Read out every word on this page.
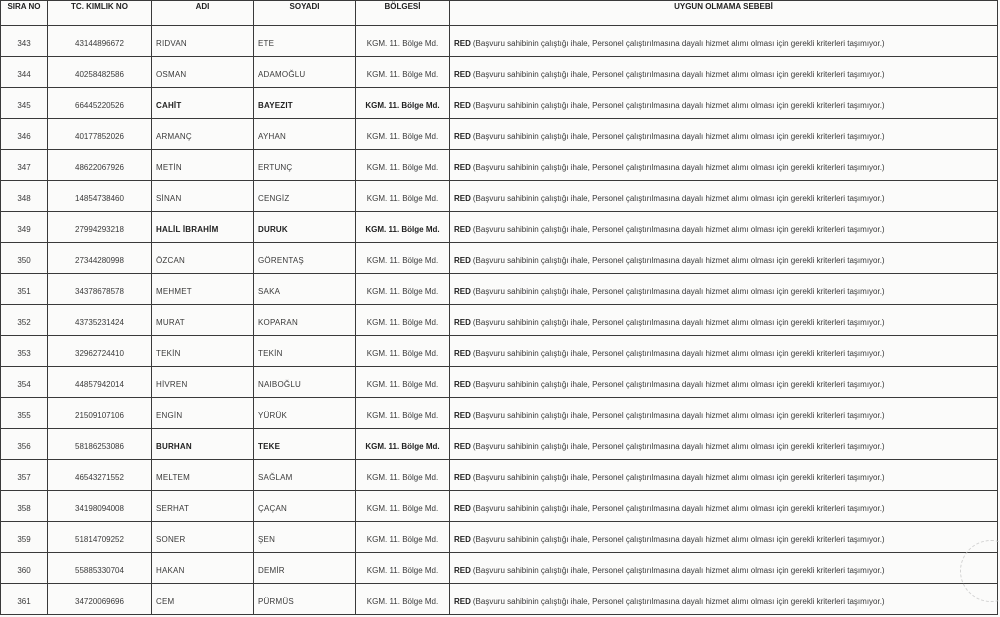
SIRA NO	TC. KIMLIK NO	ADI	SOYADI	BÖLGESİ	UYGUN OLMAMA SEBEBİ
343	43144896672	RIDVAN	ETE	KGM. 11. Bölge Md.	RED (Başvuru sahibinin çalıştığı ihale, Personel çalıştırılmasına dayalı hizmet alımı olması için gerekli kriterleri taşımıyor.)
344	40258482586	OSMAN	ADAMOĞLU	KGM. 11. Bölge Md.	RED (Başvuru sahibinin çalıştığı ihale, Personel çalıştırılmasına dayalı hizmet alımı olması için gerekli kriterleri taşımıyor.)
345	66445220526	CAHİT	BAYEZIT	KGM. 11. Bölge Md.	RED (Başvuru sahibinin çalıştığı ihale, Personel çalıştırılmasına dayalı hizmet alımı olması için gerekli kriterleri taşımıyor.)
346	40177852026	ARMANÇ	AYHAN	KGM. 11. Bölge Md.	RED (Başvuru sahibinin çalıştığı ihale, Personel çalıştırılmasına dayalı hizmet alımı olması için gerekli kriterleri taşımıyor.)
347	48622067926	METİN	ERTUNÇ	KGM. 11. Bölge Md.	RED (Başvuru sahibinin çalıştığı ihale, Personel çalıştırılmasına dayalı hizmet alımı olması için gerekli kriterleri taşımıyor.)
348	14854738460	SİNAN	CENGİZ	KGM. 11. Bölge Md.	RED (Başvuru sahibinin çalıştığı ihale, Personel çalıştırılmasına dayalı hizmet alımı olması için gerekli kriterleri taşımıyor.)
349	27994293218	HALİL İBRAHİM	DURUK	KGM. 11. Bölge Md.	RED (Başvuru sahibinin çalıştığı ihale, Personel çalıştırılmasına dayalı hizmet alımı olması için gerekli kriterleri taşımıyor.)
350	27344280998	ÖZCAN	GÖRENTAŞ	KGM. 11. Bölge Md.	RED (Başvuru sahibinin çalıştığı ihale, Personel çalıştırılmasına dayalı hizmet alımı olması için gerekli kriterleri taşımıyor.)
351	34378678578	MEHMET	SAKA	KGM. 11. Bölge Md.	RED (Başvuru sahibinin çalıştığı ihale, Personel çalıştırılmasına dayalı hizmet alımı olması için gerekli kriterleri taşımıyor.)
352	43735231424	MURAT	KOPARAN	KGM. 11. Bölge Md.	RED (Başvuru sahibinin çalıştığı ihale, Personel çalıştırılmasına dayalı hizmet alımı olması için gerekli kriterleri taşımıyor.)
353	32962724410	TEKİN	TEKİN	KGM. 11. Bölge Md.	RED (Başvuru sahibinin çalıştığı ihale, Personel çalıştırılmasına dayalı hizmet alımı olması için gerekli kriterleri taşımıyor.)
354	44857942014	HİVREN	NAIBOĞLU	KGM. 11. Bölge Md.	RED (Başvuru sahibinin çalıştığı ihale, Personel çalıştırılmasına dayalı hizmet alımı olması için gerekli kriterleri taşımıyor.)
355	21509107106	ENGİN	YÜRÜK	KGM. 11. Bölge Md.	RED (Başvuru sahibinin çalıştığı ihale, Personel çalıştırılmasına dayalı hizmet alımı olması için gerekli kriterleri taşımıyor.)
356	58186253086	BURHAN	TEKE	KGM. 11. Bölge Md.	RED (Başvuru sahibinin çalıştığı ihale, Personel çalıştırılmasına dayalı hizmet alımı olması için gerekli kriterleri taşımıyor.)
357	46543271552	MELTEM	SAĞLAM	KGM. 11. Bölge Md.	RED (Başvuru sahibinin çalıştığı ihale, Personel çalıştırılmasına dayalı hizmet alımı olması için gerekli kriterleri taşımıyor.)
358	34198094008	SERHAT	ÇAÇAN	KGM. 11. Bölge Md.	RED (Başvuru sahibinin çalıştığı ihale, Personel çalıştırılmasına dayalı hizmet alımı olması için gerekli kriterleri taşımıyor.)
359	51814709252	SONER	ŞEN	KGM. 11. Bölge Md.	RED (Başvuru sahibinin çalıştığı ihale, Personel çalıştırılmasına dayalı hizmet alımı olması için gerekli kriterleri taşımıyor.)
360	55885330704	HAKAN	DEMİR	KGM. 11. Bölge Md.	RED (Başvuru sahibinin çalıştığı ihale, Personel çalıştırılmasına dayalı hizmet alımı olması için gerekli kriterleri taşımıyor.)
361	34720069696	CEM	PÜRMÜS	KGM. 11. Bölge Md.	RED (Başvuru sahibinin çalıştığı ihale, Personel çalıştırılmasına dayalı hizmet alımı olması için gerekli kriterleri taşımıyor.)
